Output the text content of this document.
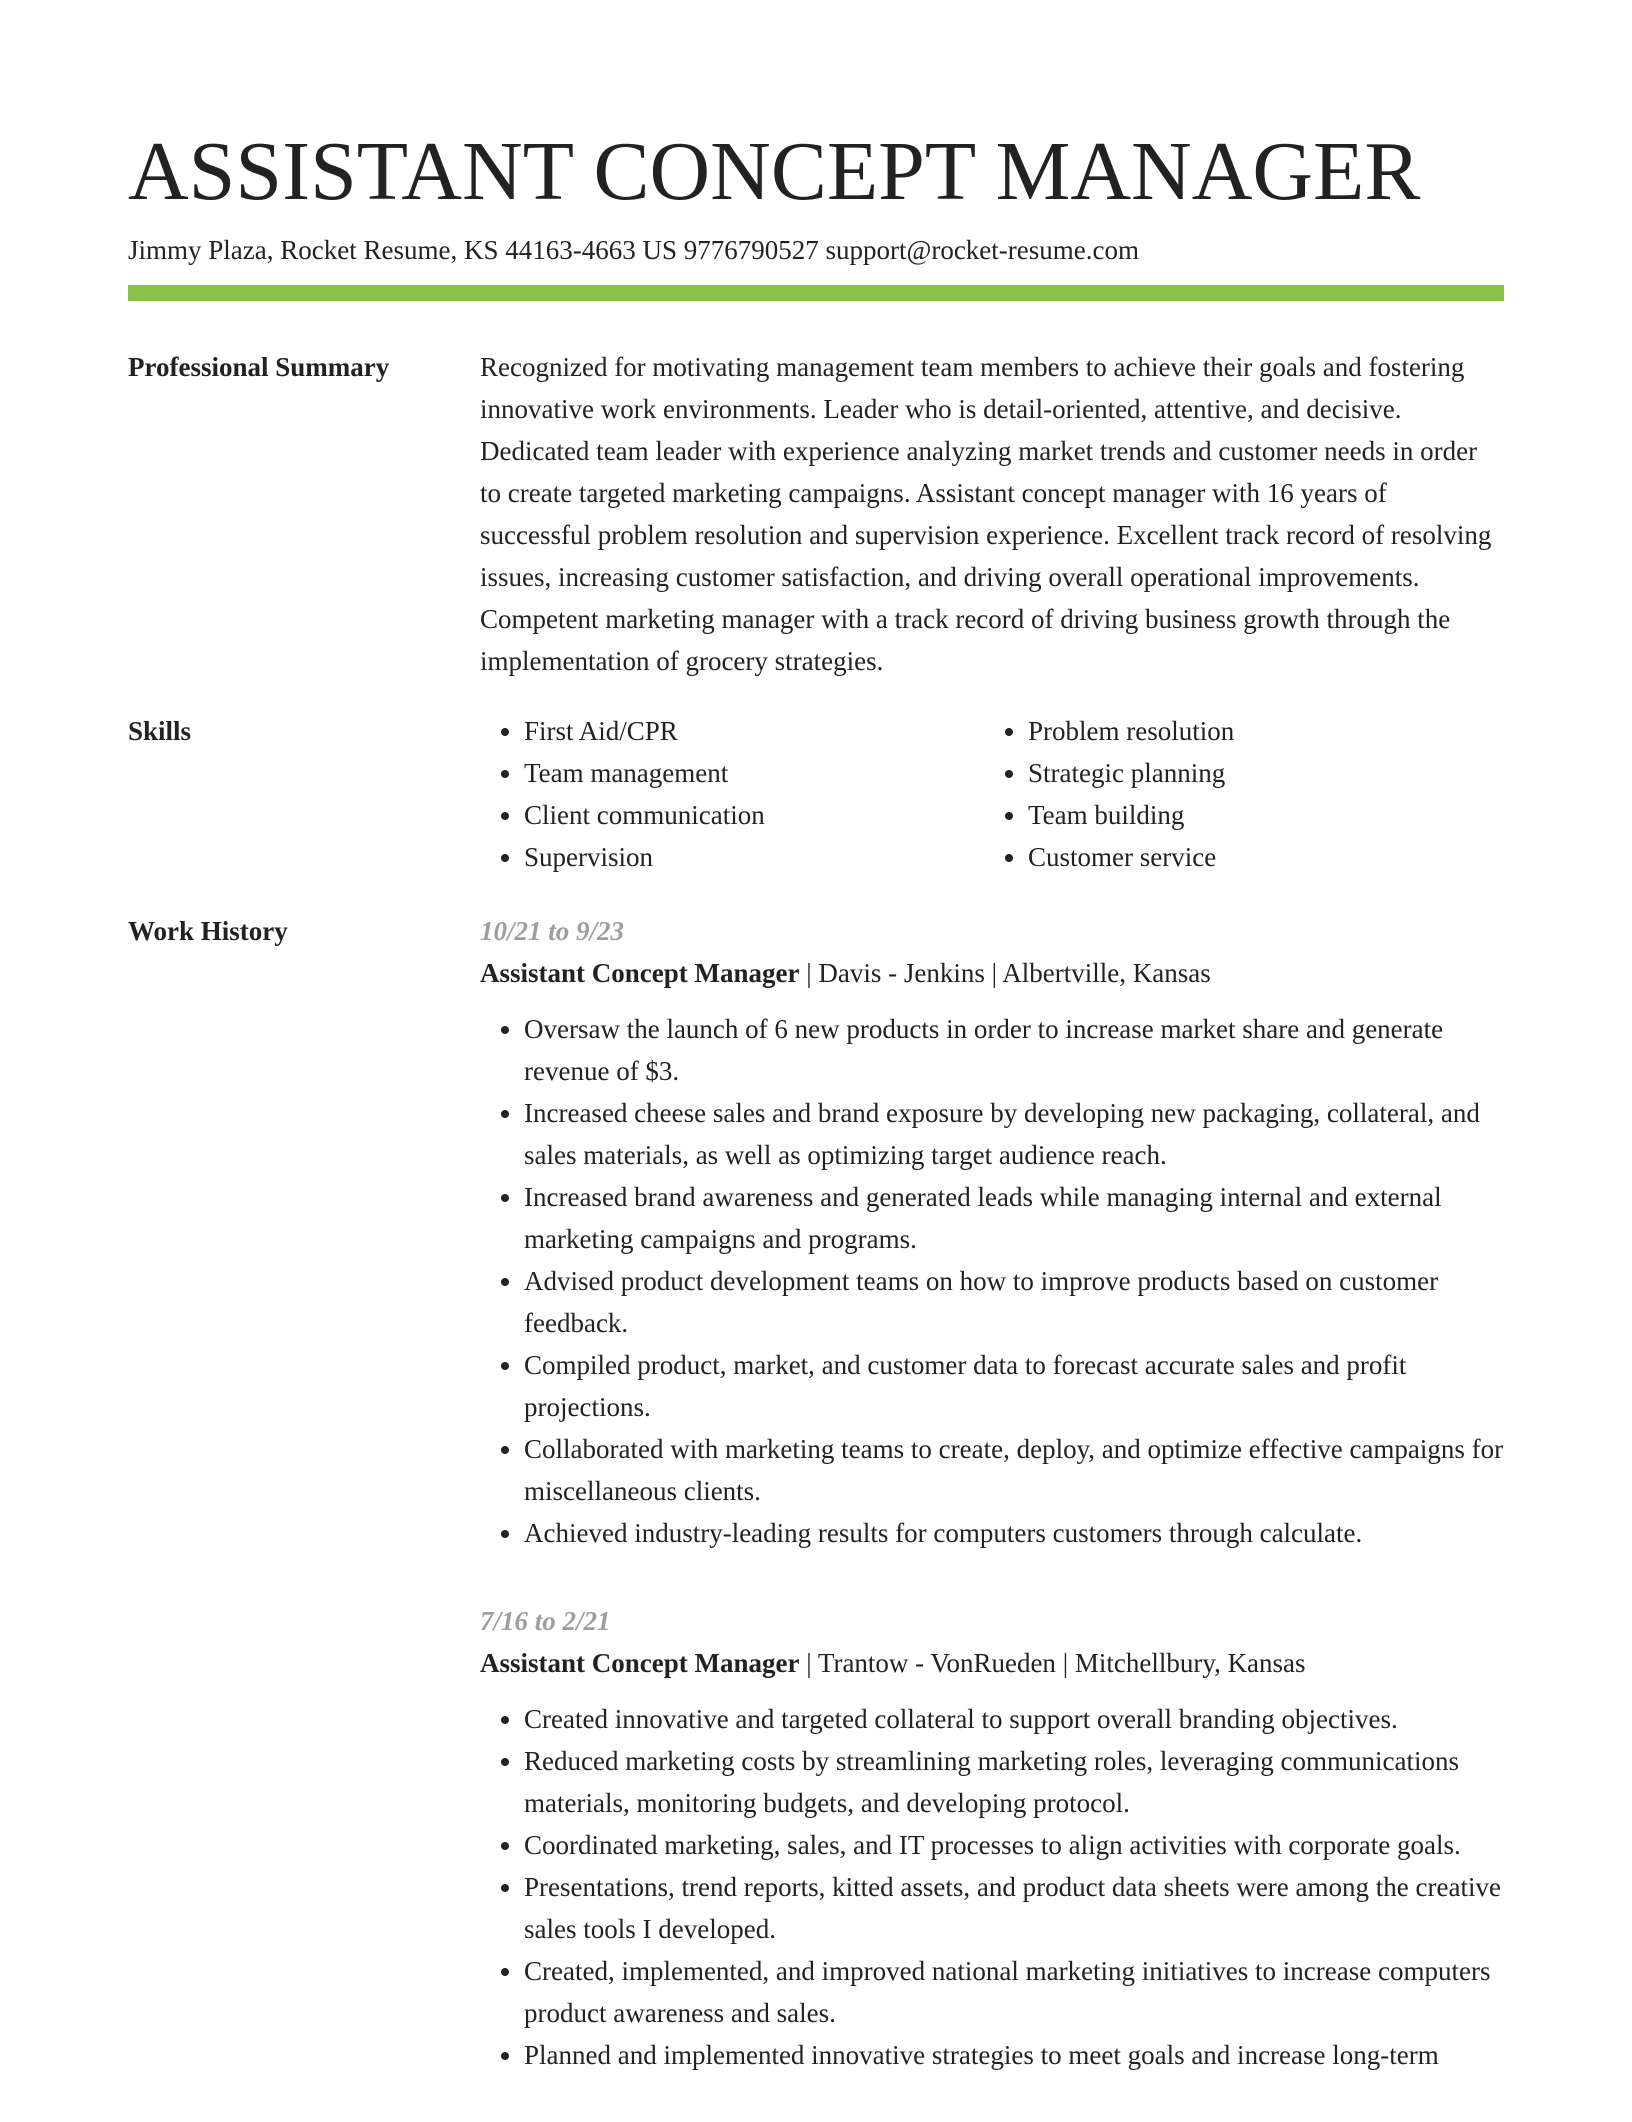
ASSISTANT CONCEPT MANAGER
Jimmy Plaza, Rocket Resume, KS 44163-4663 US 9776790527 support@rocket-resume.com
Professional Summary	Recognized for motivating management team members to achieve their goals and fostering innovative work environments. Leader who is detail-oriented, attentive, and decisive. Dedicated team leader with experience analyzing market trends and customer needs in order to create targeted marketing campaigns. Assistant concept manager with 16 years of successful problem resolution and supervision experience. Excellent track record of resolving issues, increasing customer satisfaction, and driving overall operational improvements. Competent marketing manager with a track record of driving business growth through the implementation of grocery strategies.

Skills
•	First Aid/CPR
• Team management
• Client communication
• Supervision
• Problem resolution
• Strategic planning
• Team building
• Customer service
Work History	10/21 to 9/23
Assistant Concept Manager | Davis - Jenkins | Albertville, Kansas
• Oversaw the launch of 6 new products in order to increase market share and generate revenue of $3.
• Increased cheese sales and brand exposure by developing new packaging, collateral, and sales materials, as well as optimizing target audience reach.
• Increased brand awareness and generated leads while managing internal and external marketing campaigns and programs.
• Advised product development teams on how to improve products based on customer feedback.
• Compiled product, market, and customer data to forecast accurate sales and profit projections.
• Collaborated with marketing teams to create, deploy, and optimize effective campaigns for miscellaneous clients.
• Achieved industry-leading results for computers customers through calculate.
7/16 to 2/21
Assistant Concept Manager | Trantow - VonRueden | Mitchellbury, Kansas
• Created innovative and targeted collateral to support overall branding objectives.
• Reduced marketing costs by streamlining marketing roles, leveraging communications materials, monitoring budgets, and developing protocol.
• Coordinated marketing, sales, and IT processes to align activities with corporate goals.
• Presentations, trend reports, kitted assets, and product data sheets were among the creative sales tools I developed.
• Created, implemented, and improved national marketing initiatives to increase computers product awareness and sales.
• Planned and implemented innovative strategies to meet goals and increase long-term
